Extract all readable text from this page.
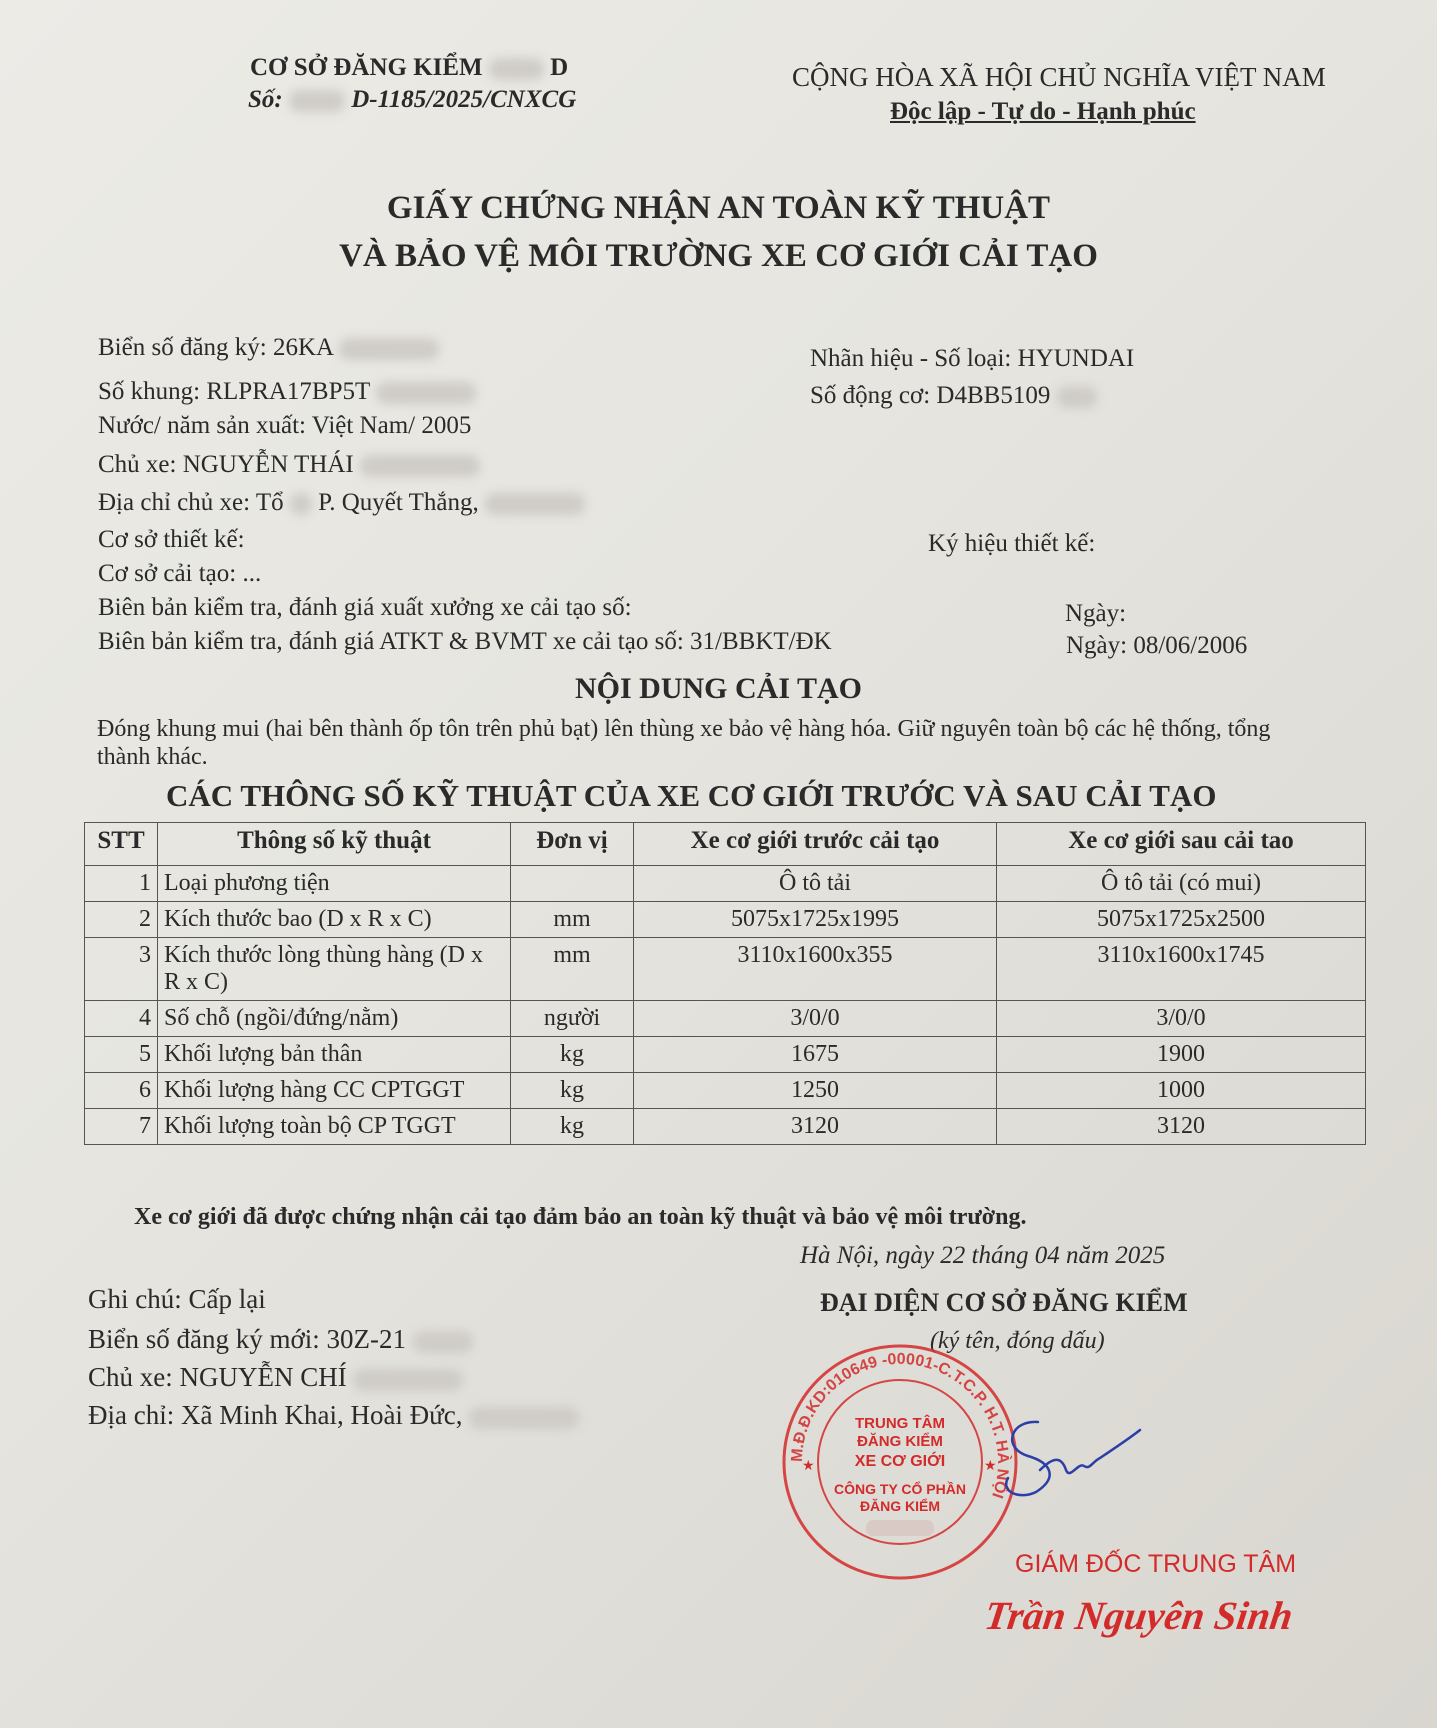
CƠ SỞ ĐĂNG KIỂM	D
Số:	D-1185/2025/CNXCG
CỘNG HÒA XÃ HỘI CHỦ NGHĨA VIỆT NAM
Độc lập - Tự do - Hạnh phúc
GIẤY CHỨNG NHẬN AN TOÀN KỸ THUẬT
VÀ BẢO VỆ MÔI TRƯỜNG XE CƠ GIỚI CẢI TẠO
Biển số đăng ký: 26KA	Nhãn hiệu - Số loại: HYUNDAI
Số khung: RLPRA17BP5T	Số động cơ: D4BB5109
Nước/ năm sản xuất: Việt Nam/ 2005
Chủ xe: NGUYỄN THÁI
Địa chỉ chủ xe: Tổ P. Quyết Thắng,
Cơ sở thiết kế:	Ký hiệu thiết kế:
Cơ sở cải tạo: ...
Biên bản kiểm tra, đánh giá xuất xưởng xe cải tạo số:	Ngày:
Biên bản kiểm tra, đánh giá ATKT & BVMT xe cải tạo số: 31/BBKT/ĐK	Ngày: 08/06/2006
NỘI DUNG CẢI TẠO
Đóng khung mui (hai bên thành ốp tôn trên phủ bạt) lên thùng xe bảo vệ hàng hóa. Giữ nguyên toàn bộ các hệ thống, tổng
thành khác.
CÁC THÔNG SỐ KỸ THUẬT CỦA XE CƠ GIỚI TRƯỚC VÀ SAU CẢI TẠO
STT	Thông số kỹ thuật	Đơn vị	Xe cơ giới trước cải tạo	Xe cơ giới sau cải tao
1	Loại phương tiện		Ô tô tải	Ô tô tải (có mui)
2	Kích thước bao (D x R x C)	mm	5075x1725x1995	5075x1725x2500
3	Kích thước lòng thùng hàng (D x R x C)	mm	3110x1600x355	3110x1600x1745
4	Số chỗ (ngồi/đứng/nằm)	người	3/0/0	3/0/0
5	Khối lượng bản thân	kg	1675	1900
6	Khối lượng hàng CC CPTGGT	kg	1250	1000
7	Khối lượng toàn bộ CP TGGT	kg	3120	3120
Xe cơ giới đã được chứng nhận cải tạo đảm bảo an toàn kỹ thuật và bảo vệ môi trường.
Hà Nội, ngày 22 tháng 04 năm 2025
Ghi chú: Cấp lại
Biển số đăng ký mới: 30Z-21
Chủ xe: NGUYỄN CHÍ
Địa chỉ: Xã Minh Khai, Hoài Đức,
ĐẠI DIỆN CƠ SỞ ĐĂNG KIỂM
(ký tên, đóng dấu)
M.Đ.Đ.KD:010649 -00001-C.T.C.P. H.T. HÀ NỘI
TRUNG TÂM
ĐĂNG KIỂM
XE CƠ GIỚI
CÔNG TY CỔ PHẦN
ĐĂNG KIỂM
★	★
GIÁM ĐỐC TRUNG TÂM
Trần Nguyên Sinh
